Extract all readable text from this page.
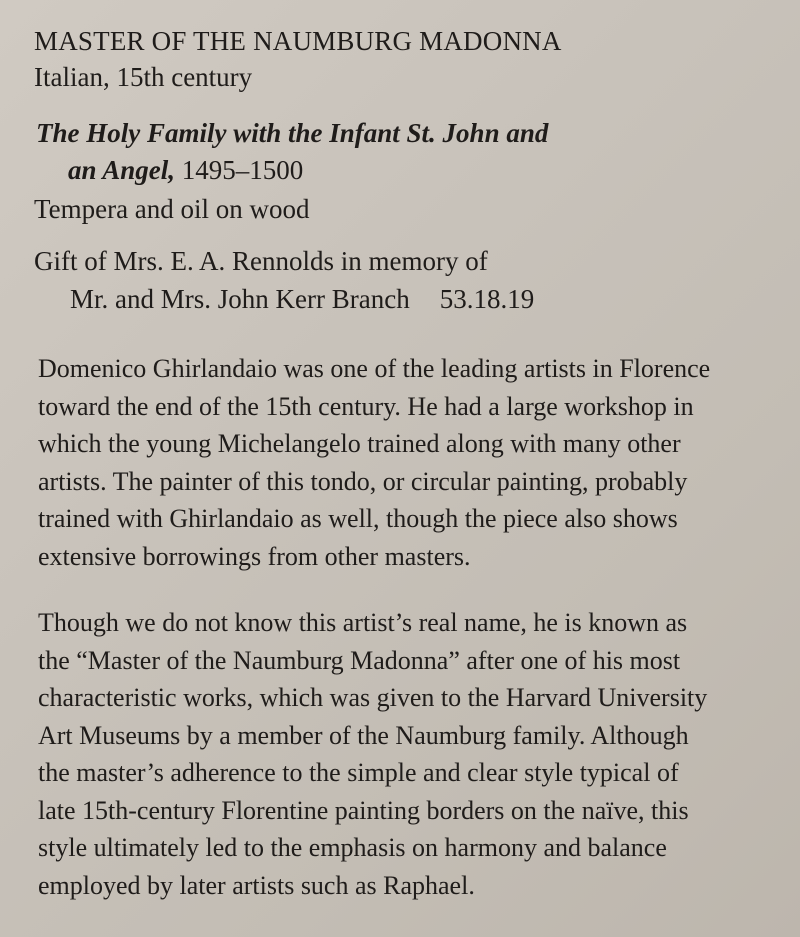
MASTER OF THE NAUMBURG MADONNA
Italian, 15th century
The Holy Family with the Infant St. John and
an Angel, 1495–1500
Tempera and oil on wood
Gift of Mrs. E. A. Rennolds in memory of
Mr. and Mrs. John Kerr Branch 53.18.19
Domenico Ghirlandaio was one of the leading artists in Florence
toward the end of the 15th century. He had a large workshop in
which the young Michelangelo trained along with many other
artists. The painter of this tondo, or circular painting, probably
trained with Ghirlandaio as well, though the piece also shows
extensive borrowings from other masters.
Though we do not know this artist’s real name, he is known as
the “Master of the Naumburg Madonna” after one of his most
characteristic works, which was given to the Harvard University
Art Museums by a member of the Naumburg family. Although
the master’s adherence to the simple and clear style typical of
late 15th-century Florentine painting borders on the naïve, this
style ultimately led to the emphasis on harmony and balance
employed by later artists such as Raphael.
